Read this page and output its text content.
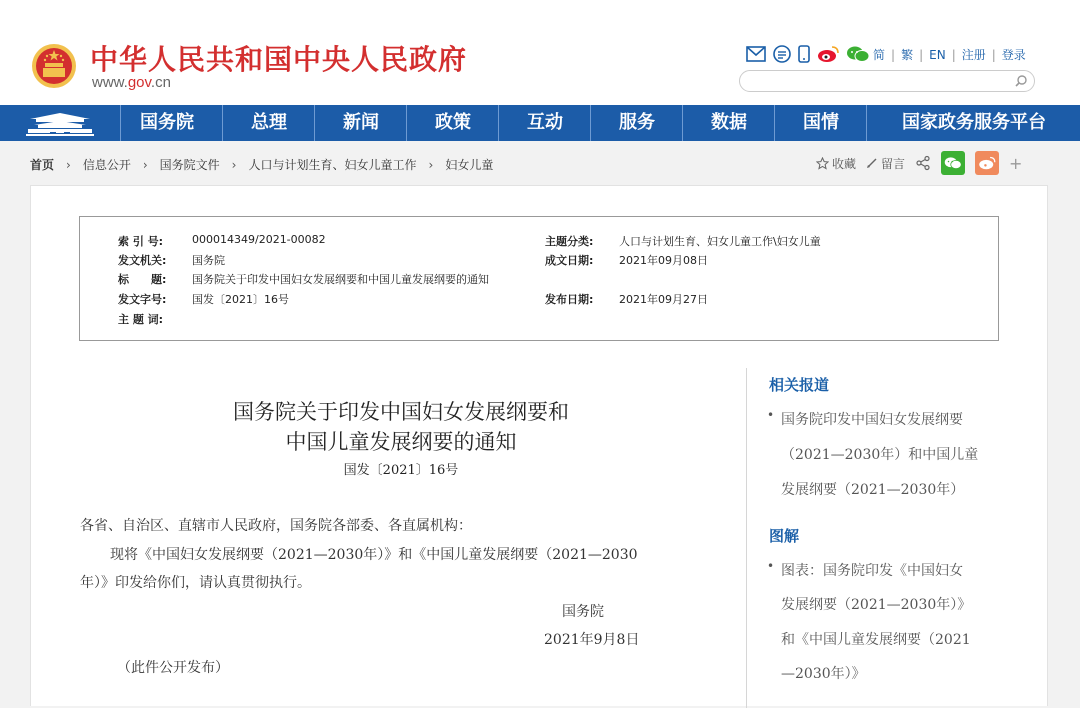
中华人民共和国中央人民政府
www.gov.cn
简 | 繁 | EN | 注册 | 登录
国务院	总理	新闻	政策	互动	服务	数据	国情	国家政务服务平台
首页 › 信息公开 › 国务院文件 › 人口与计划生育、妇女儿童工作 › 妇女儿童	收藏 留言	+
索 引 号:	000014349/2021-00082
发文机关:	国务院
标　　题:	国务院关于印发中国妇女发展纲要和中国儿童发展纲要的通知
发文字号:	国发〔2021〕16号
主 题 词:
主题分类:	人口与计划生育、妇女儿童工作\妇女儿童
成文日期:	2021年09月08日
发布日期:	2021年09月27日
国务院关于印发中国妇女发展纲要和
中国儿童发展纲要的通知
国发〔2021〕16号
各省、自治区、直辖市人民政府，国务院各部委、各直属机构：
现将《中国妇女发展纲要（2021—2030年）》和《中国儿童发展纲要（2021—2030
年）》印发给你们，请认真贯彻执行。
国务院
2021年9月8日
（此件公开发布）
相关报道
• 国务院印发中国妇女发展纲要
（2021—2030年）和中国儿童
发展纲要（2021—2030年）
图解
• 图表：国务院印发《中国妇女
发展纲要（2021—2030年）》
和《中国儿童发展纲要（2021
—2030年）》
